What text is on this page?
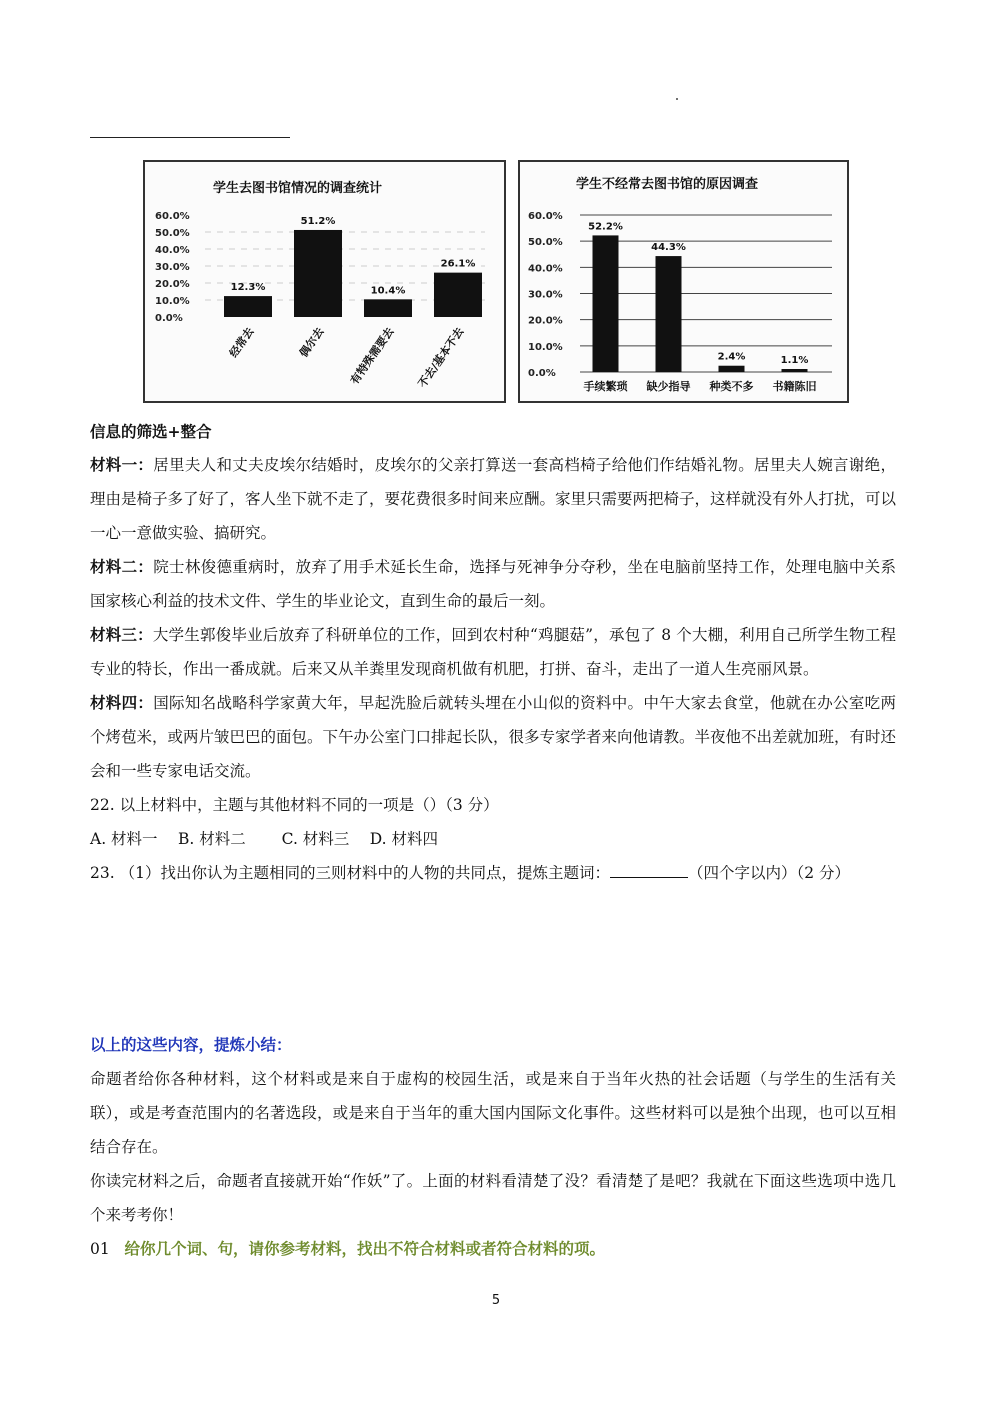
学生去图书馆情况的调查统计
60.0%
50.0%
40.0%
30.0%
20.0%
10.0%
0.0%
12.3%
经常去
51.2%
偶尔去
10.4%
有特殊需要去
26.1%
不去/基本不去
学生不经常去图书馆的原因调查
60.0%
50.0%
40.0%
30.0%
20.0%
10.0%
0.0%
52.2%
手续繁琐
44.3%
缺少指导
2.4%
种类不多
1.1%
书籍陈旧
信息的筛选+整合

材料一：居里夫人和丈夫皮埃尔结婚时，皮埃尔的父亲打算送一套高档椅子给他们作结婚礼物。居里夫人婉言谢绝，理由是椅子多了好了，客人坐下就不走了，要花费很多时间来应酬。家里只需要两把椅子，这样就没有外人打扰，可以一心一意做实验、搞研究。

材料二：院士林俊德重病时，放弃了用手术延长生命，选择与死神争分夺秒，坐在电脑前坚持工作，处理电脑中关系国家核心利益的技术文件、学生的毕业论文，直到生命的最后一刻。

材料三：大学生郭俊毕业后放弃了科研单位的工作，回到农村种“鸡腿菇”，承包了 8 个大棚，利用自己所学生物工程专业的特长，作出一番成就。后来又从羊粪里发现商机做有机肥，打拼、奋斗，走出了一道人生亮丽风景。

材料四：国际知名战略科学家黄大年，早起洗脸后就转头埋在小山似的资料中。中午大家去食堂，他就在办公室吃两个烤苞米，或两片皱巴巴的面包。下午办公室门口排起长队，很多专家学者来向他请教。半夜他不出差就加班，有时还会和一些专家电话交流。

22. 以上材料中，主题与其他材料不同的一项是（）（3 分）

A. 材料一　 B. 材料二　　 C. 材料三　 D. 材料四

23. （1）找出你认为主题相同的三则材料中的人物的共同点，提炼主题词：	（四个字以内）（2 分）

以上的这些内容，提炼小结：

命题者给你各种材料，这个材料或是来自于虚构的校园生活，或是来自于当年火热的社会话题（与学生的生活有关联），或是考查范围内的名著选段，或是来自于当年的重大国内国际文化事件。这些材料可以是独个出现，也可以互相结合存在。

你读完材料之后，命题者直接就开始“作妖”了。上面的材料看清楚了没？看清楚了是吧？我就在下面这些选项中选几个来考考你！

01 给你几个词、句，请你参考材料，找出不符合材料或者符合材料的项。

5
